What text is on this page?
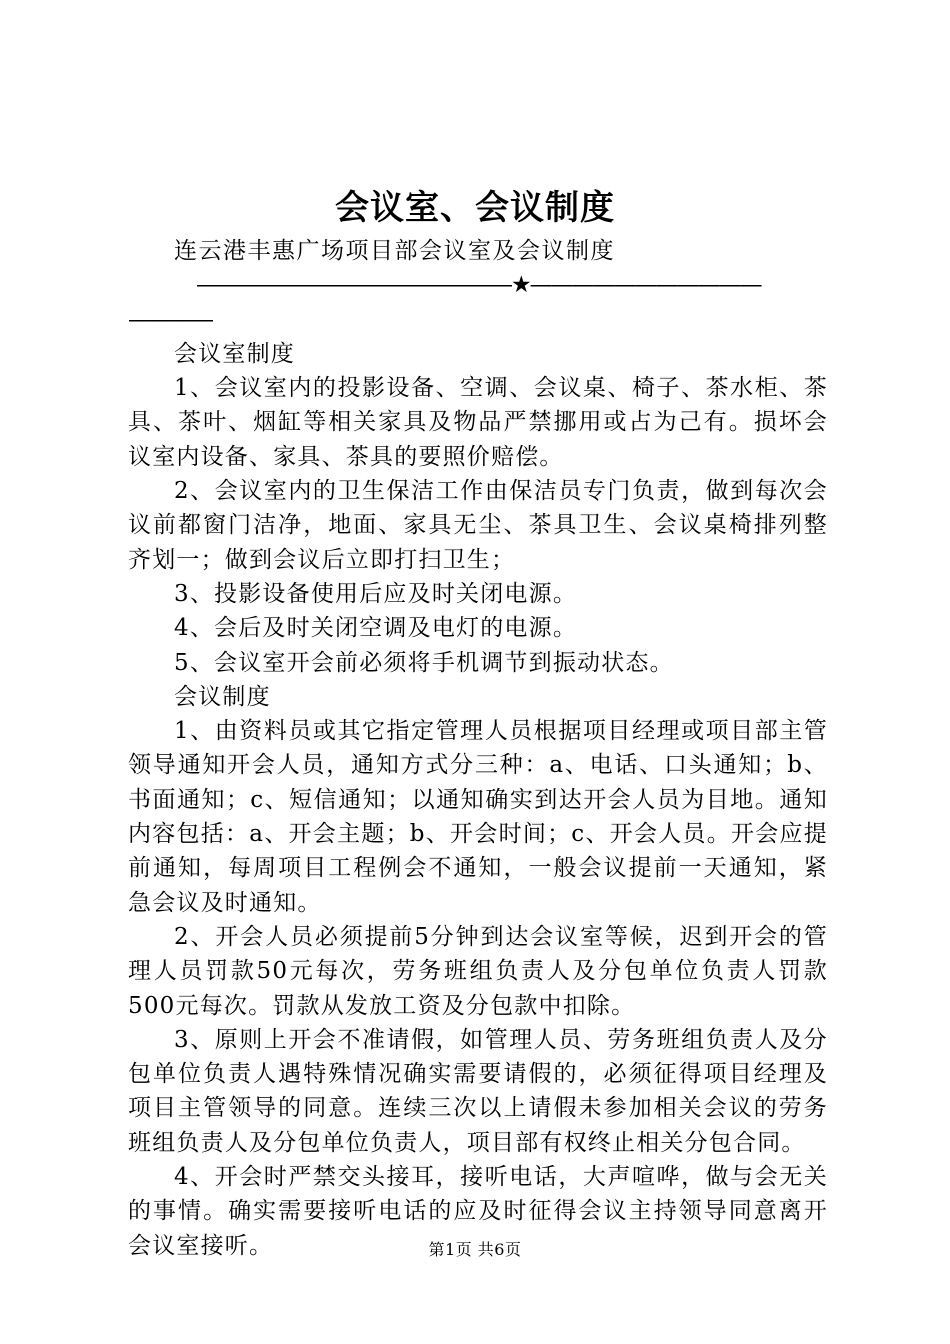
会议室、会议制度

连云港丰惠广场项目部会议室及会议制度

———————————————★———————————
————

会议室制度

1、会议室内的投影设备、空调、会议桌、椅子、茶水柜、茶具、茶叶、烟缸等相关家具及物品严禁挪用或占为己有。损坏会议室内设备、家具、茶具的要照价赔偿。

2、会议室内的卫生保洁工作由保洁员专门负责，做到每次会议前都窗门洁净，地面、家具无尘、茶具卫生、会议桌椅排列整齐划一；做到会议后立即打扫卫生；

3、投影设备使用后应及时关闭电源。

4、会后及时关闭空调及电灯的电源。

5、会议室开会前必须将手机调节到振动状态。

会议制度

1、由资料员或其它指定管理人员根据项目经理或项目部主管领导通知开会人员，通知方式分三种：a、电话、口头通知；b、书面通知；c、短信通知；以通知确实到达开会人员为目地。通知内容包括：a、开会主题；b、开会时间；c、开会人员。开会应提前通知，每周项目工程例会不通知，一般会议提前一天通知，紧急会议及时通知。

2、开会人员必须提前5分钟到达会议室等候，迟到开会的管理人员罚款50元每次，劳务班组负责人及分包单位负责人罚款500元每次。罚款从发放工资及分包款中扣除。

3、原则上开会不准请假，如管理人员、劳务班组负责人及分包单位负责人遇特殊情况确实需要请假的，必须征得项目经理及项目主管领导的同意。连续三次以上请假未参加相关会议的劳务班组负责人及分包单位负责人，项目部有权终止相关分包合同。

4、开会时严禁交头接耳，接听电话，大声喧哗，做与会无关的事情。确实需要接听电话的应及时征得会议主持领导同意离开会议室接听。	第1页 共6页
